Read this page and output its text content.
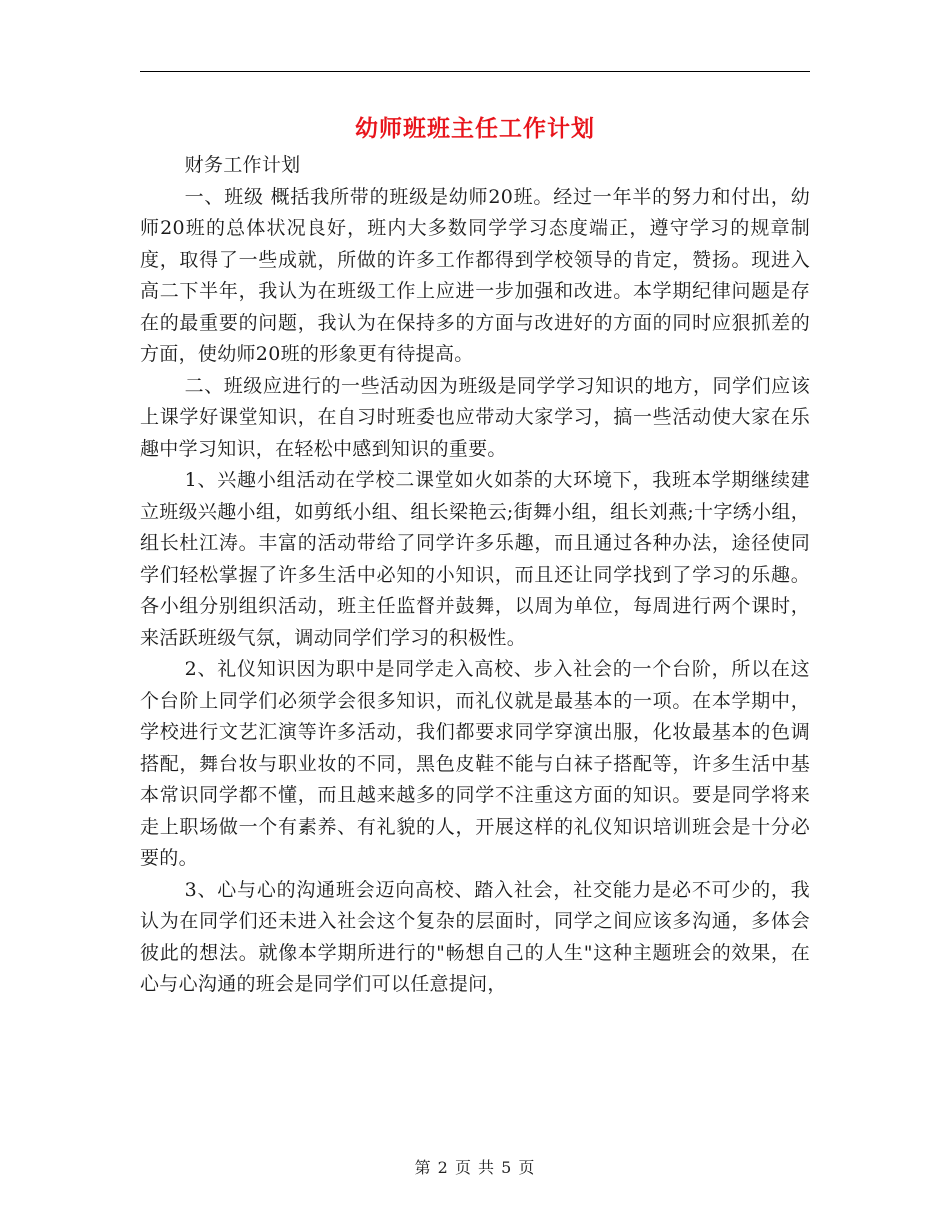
幼师班班主任工作计划

财务工作计划

一、班级 概括我所带的班级是幼师20班。经过一年半的努力和付出，幼师20班的总体状况良好，班内大多数同学学习态度端正，遵守学习的规章制度，取得了一些成就，所做的许多工作都得到学校领导的肯定，赞扬。现进入高二下半年，我认为在班级工作上应进一步加强和改进。本学期纪律问题是存在的最重要的问题，我认为在保持多的方面与改进好的方面的同时应狠抓差的方面，使幼师20班的形象更有待提高。

二、班级应进行的一些活动因为班级是同学学习知识的地方，同学们应该上课学好课堂知识，在自习时班委也应带动大家学习，搞一些活动使大家在乐趣中学习知识，在轻松中感到知识的重要。

1、兴趣小组活动在学校二课堂如火如荼的大环境下，我班本学期继续建立班级兴趣小组，如剪纸小组、组长梁艳云;街舞小组，组长刘燕;十字绣小组，组长杜江涛。丰富的活动带给了同学许多乐趣，而且通过各种办法，途径使同学们轻松掌握了许多生活中必知的小知识，而且还让同学找到了学习的乐趣。各小组分别组织活动，班主任监督并鼓舞，以周为单位，每周进行两个课时，来活跃班级气氛，调动同学们学习的积极性。

2、礼仪知识因为职中是同学走入高校、步入社会的一个台阶，所以在这个台阶上同学们必须学会很多知识，而礼仪就是最基本的一项。在本学期中，学校进行文艺汇演等许多活动，我们都要求同学穿演出服，化妆最基本的色调搭配，舞台妆与职业妆的不同，黑色皮鞋不能与白袜子搭配等，许多生活中基本常识同学都不懂，而且越来越多的同学不注重这方面的知识。要是同学将来走上职场做一个有素养、有礼貌的人，开展这样的礼仪知识培训班会是十分必要的。

3、心与心的沟通班会迈向高校、踏入社会，社交能力是必不可少的，我认为在同学们还未进入社会这个复杂的层面时，同学之间应该多沟通，多体会彼此的想法。就像本学期所进行的"畅想自己的人生"这种主题班会的效果，在心与心沟通的班会是同学们可以任意提问，

第 2 页 共 5 页
